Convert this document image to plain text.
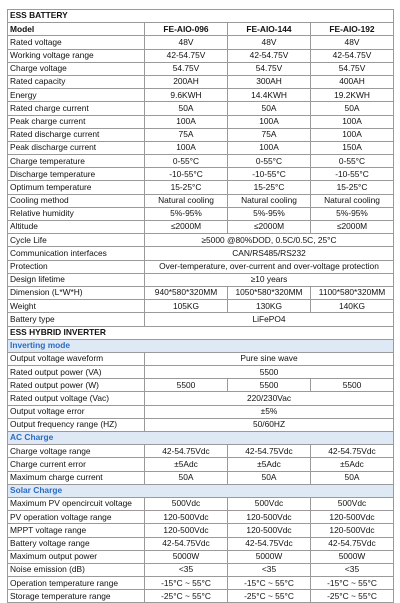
ESS BATTERY			
Model	FE-AIO-096	FE-AIO-144	FE-AIO-192
Rated voltage	48V	48V	48V
Working voltage range	42-54.75V	42-54.75V	42-54.75V
Charge voltage	54.75V	54.75V	54.75V
Rated capacity	200AH	300AH	400AH
Energy	9.6KWH	14.4KWH	19.2KWH
Rated charge current	50A	50A	50A
Peak charge current	100A	100A	100A
Rated discharge current	75A	75A	100A
Peak discharge current	100A	100A	150A
Charge temperature	0-55°C	0-55°C	0-55°C
Discharge temperature	-10-55°C	-10-55°C	-10-55°C
Optimum temperature	15-25°C	15-25°C	15-25°C
Cooling method	Natural cooling	Natural cooling	Natural cooling
Relative humidity	5%-95%	5%-95%	5%-95%
Altitude	≤2000M	≤2000M	≤2000M
Cycle Life	≥5000 @80%DOD, 0.5C/0.5C, 25°C		
Communication interfaces	CAN/RS485/RS232		
Protection	Over-temperature, over-current and over-voltage protection		
Design lifetime	≥10 years		
Dimension (L*W*H)	940*580*320MM	1050*580*320MM	1100*580*320MM
Weight	105KG	130KG	140KG
Battery type	LiFePO4		
ESS HYBRID INVERTER			
Inverting mode			
Output voltage waveform	Pure sine wave		
Rated output power (VA)	5500		
Rated output power (W)	5500	5500	5500
Rated output voltage (Vac)	220/230Vac		
Output voltage error	±5%		
Output frequency range (HZ)	50/60HZ		
AC Charge			
Charge voltage range	42-54.75Vdc	42-54.75Vdc	42-54.75Vdc
Charge current error	±5Adc	±5Adc	±5Adc
Maximum charge current	50A	50A	50A
Solar Charge			
Maximum PV opencircuit voltage	500Vdc	500Vdc	500Vdc
PV operation voltage range	120-500Vdc	120-500Vdc	120-500Vdc
MPPT voltage range	120-500Vdc	120-500Vdc	120-500Vdc
Battery voltage range	42-54.75Vdc	42-54.75Vdc	42-54.75Vdc
Maximum output power	5000W	5000W	5000W
Noise emission (dB)	<35	<35	<35
Operation temperature range	-15°C ~ 55°C	-15°C ~ 55°C	-15°C ~ 55°C
Storage temperature range	-25°C ~ 55°C	-25°C ~ 55°C	-25°C ~ 55°C
